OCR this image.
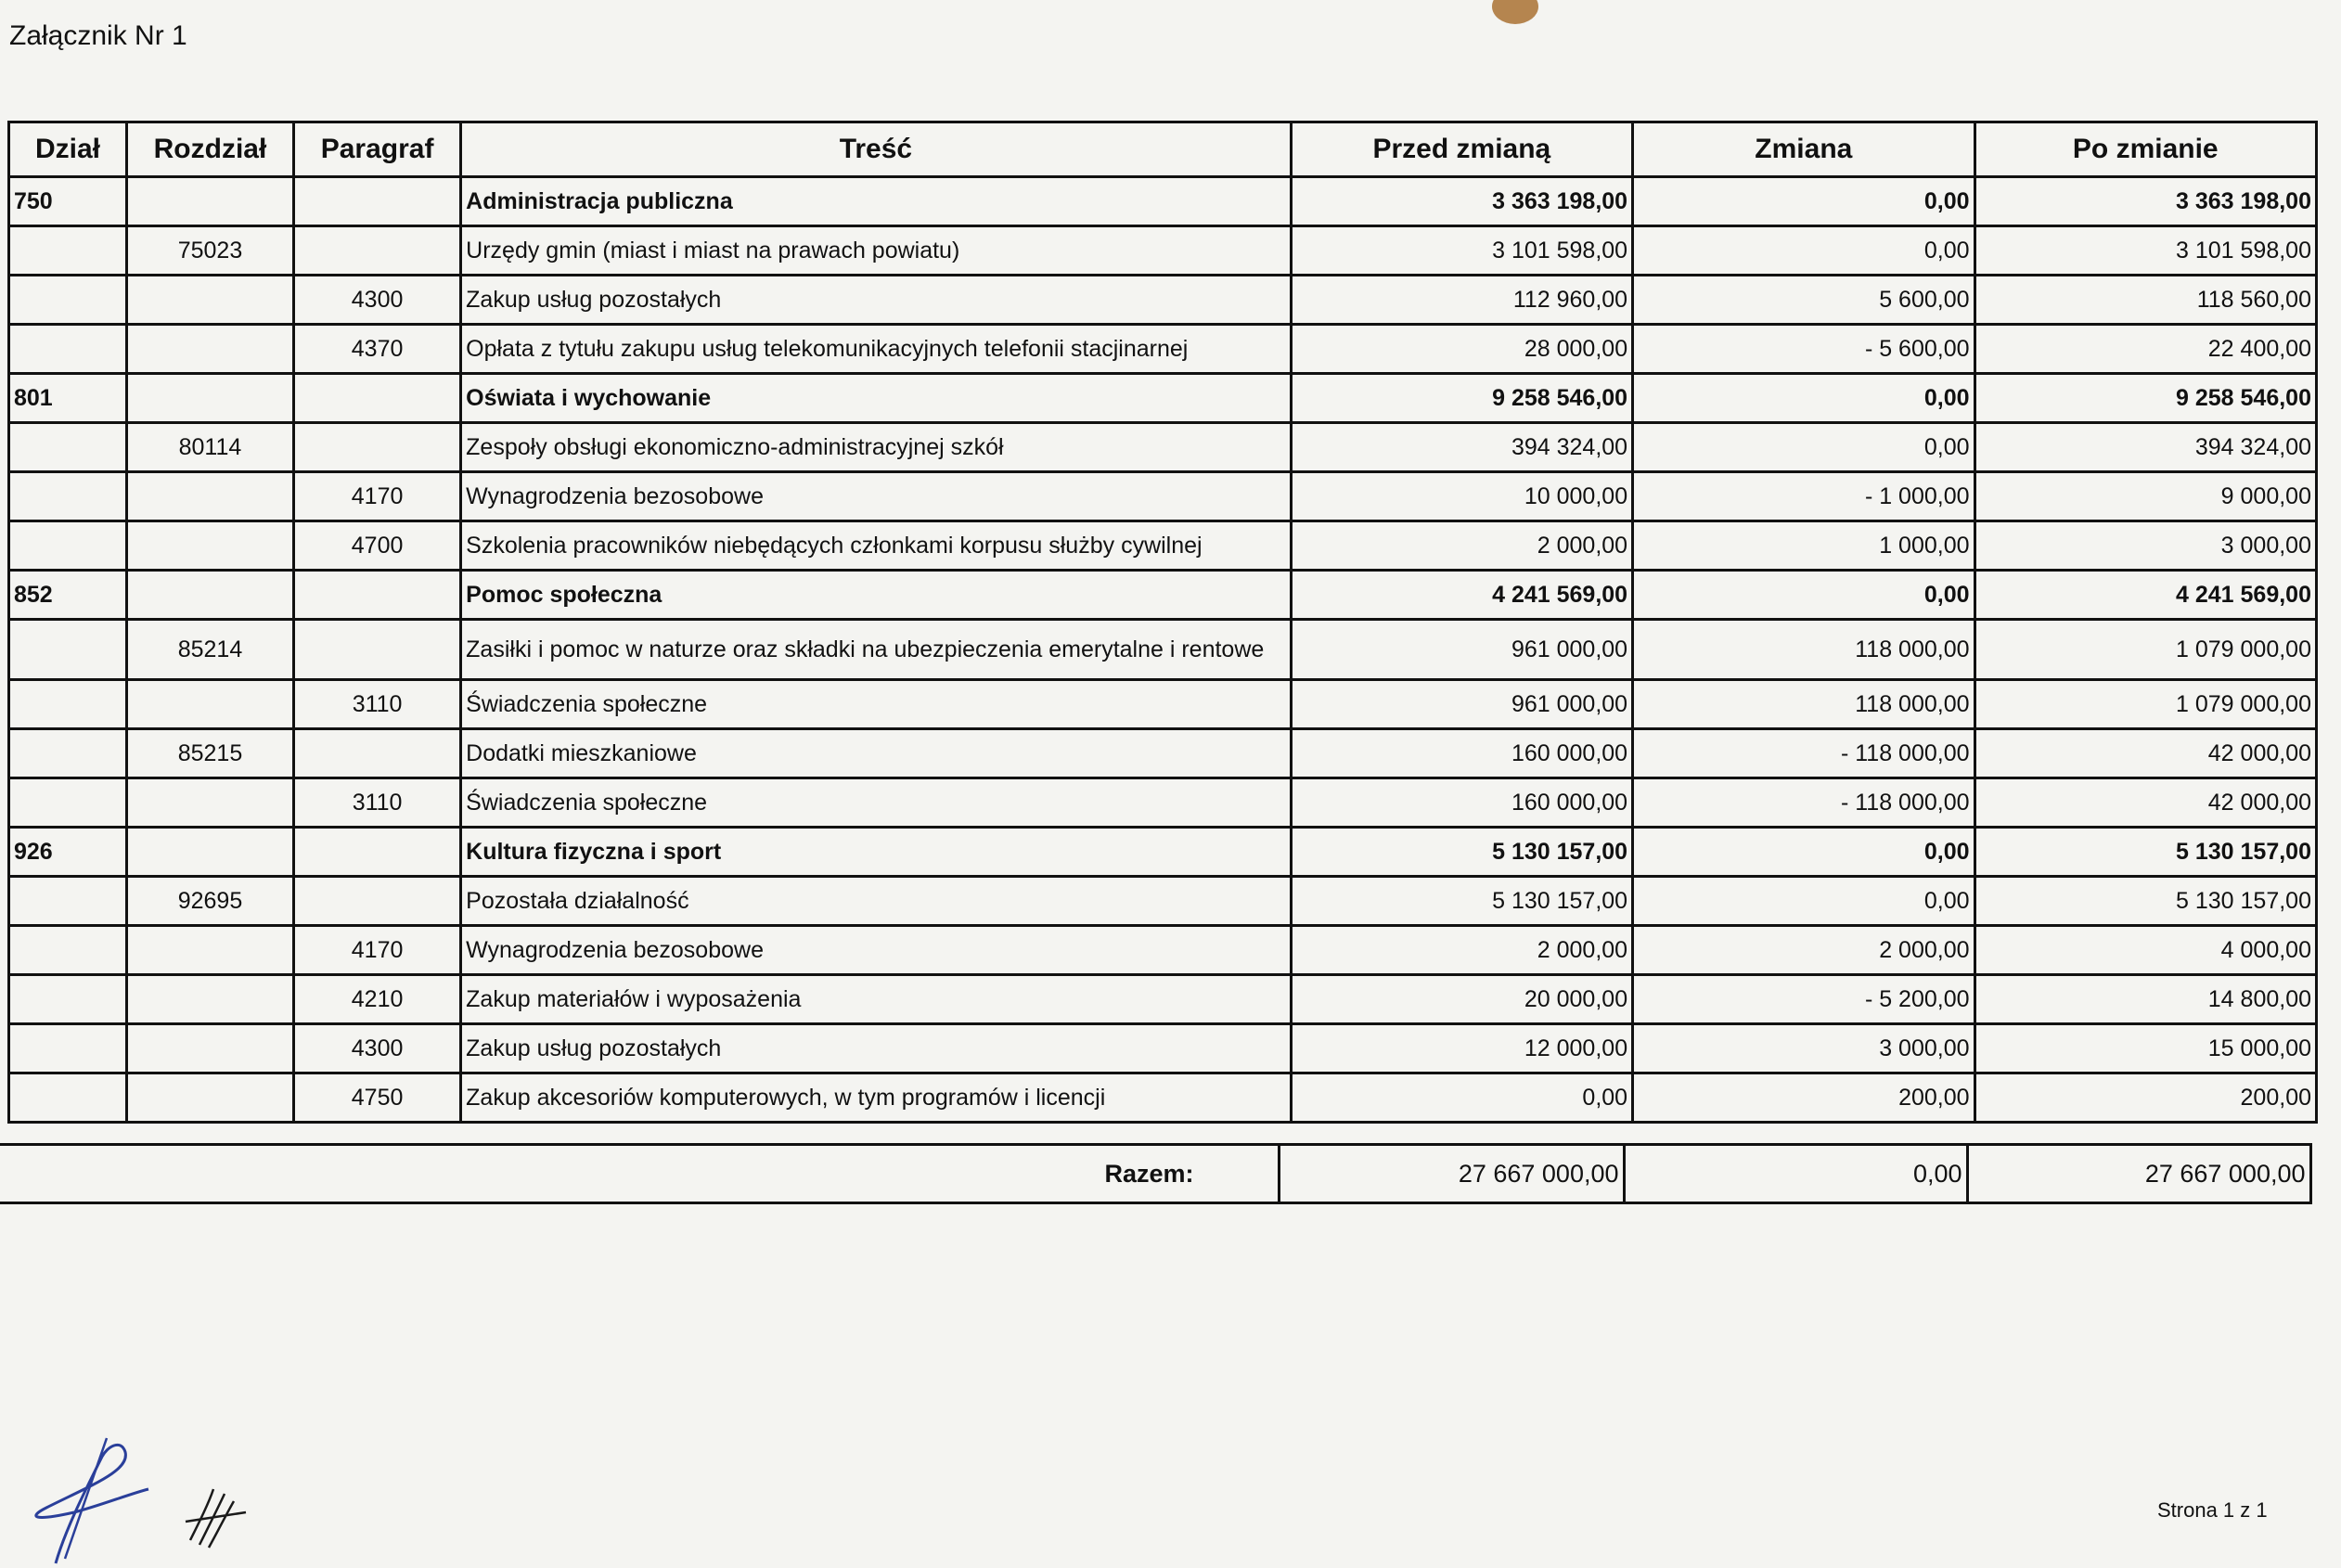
Załącznik Nr 1
Dział	Rozdział	Paragraf	Treść	Przed zmianą	Zmiana	Po zmianie
750			Administracja publiczna	3 363 198,00	0,00	3 363 198,00
	75023		Urzędy gmin (miast i miast na prawach powiatu)	3 101 598,00	0,00	3 101 598,00
		4300	Zakup usług pozostałych	112 960,00	5 600,00	118 560,00
		4370	Opłata z tytułu zakupu usług telekomunikacyjnych telefonii stacjinarnej	28 000,00	- 5 600,00	22 400,00
801			Oświata i wychowanie	9 258 546,00	0,00	9 258 546,00
	80114		Zespoły obsługi ekonomiczno-administracyjnej szkół	394 324,00	0,00	394 324,00
		4170	Wynagrodzenia bezosobowe	10 000,00	- 1 000,00	9 000,00
		4700	Szkolenia pracowników niebędących członkami korpusu służby cywilnej	2 000,00	1 000,00	3 000,00
852			Pomoc społeczna	4 241 569,00	0,00	4 241 569,00
	85214		Zasiłki i pomoc w naturze oraz składki na ubezpieczenia emerytalne i rentowe	961 000,00	118 000,00	1 079 000,00
		3110	Świadczenia społeczne	961 000,00	118 000,00	1 079 000,00
	85215		Dodatki mieszkaniowe	160 000,00	- 118 000,00	42 000,00
		3110	Świadczenia społeczne	160 000,00	- 118 000,00	42 000,00
926			Kultura fizyczna i sport	5 130 157,00	0,00	5 130 157,00
	92695		Pozostała działalność	5 130 157,00	0,00	5 130 157,00
		4170	Wynagrodzenia bezosobowe	2 000,00	2 000,00	4 000,00
		4210	Zakup materiałów i wyposażenia	20 000,00	- 5 200,00	14 800,00
		4300	Zakup usług pozostałych	12 000,00	3 000,00	15 000,00
		4750	Zakup akcesoriów komputerowych, w tym programów i licencji	0,00	200,00	200,00
Razem:	27 667 000,00	0,00	27 667 000,00
Strona 1 z 1
